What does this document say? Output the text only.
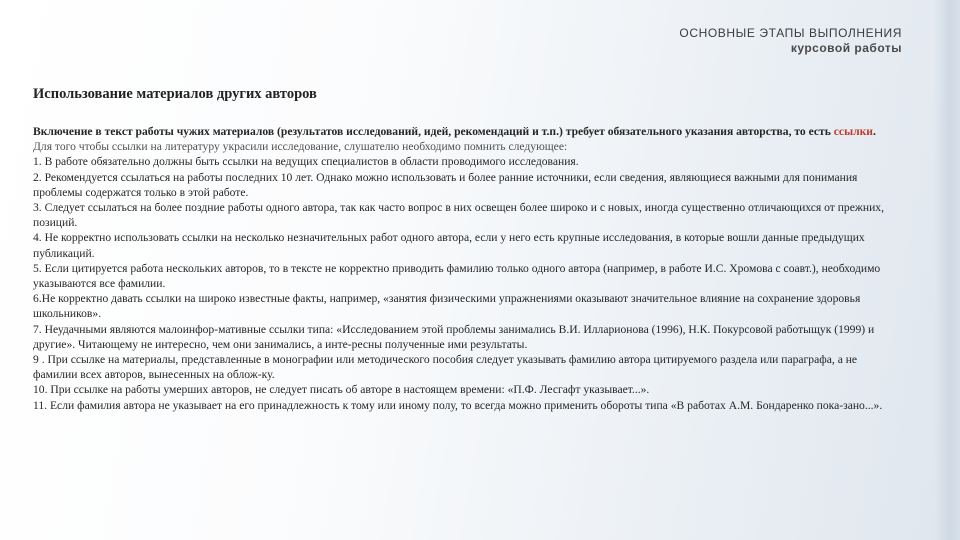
ОСНОВНЫЕ ЭТАПЫ ВЫПОЛНЕНИЯ
курсовой работы
Использование материалов других авторов

Включение в текст работы чужих материалов (результатов исследований, идей, рекомендаций и т.п.) требует обязательного указания авторства, то есть ссылки.

Для того чтобы ссылки на литературу украсили исследование, слушателю необходимо помнить следующее:

1. В работе обязательно должны быть ссылки на ведущих специалистов в области проводимого исследования.

2. Рекомендуется ссылаться на работы последних 10 лет. Однако можно использовать и более ранние источники, если сведения, являющиеся важными для понимания проблемы содержатся только в этой работе.

3. Следует ссылаться на более поздние работы одного автора, так как часто вопрос в них освещен более широко и с новых, иногда существенно отличающихся от прежних, позиций.

4. Не корректно использовать ссылки на несколько незначительных работ одного автора, если у него есть крупные исследования, в которые вошли данные предыдущих публикаций.

5. Если цитируется работа нескольких авторов, то в тексте не корректно приводить фамилию только одного автора (например, в работе И.С. Хромова с соавт.), необходимо указываются все фамилии.

6.Не корректно давать ссылки на широко известные факты, например, «занятия физическими упражнениями оказывают значительное влияние на сохранение здоровья школьников».

7. Неудачными являются малоинфор-мативные ссылки типа: «Исследованием этой проблемы занимались В.И. Илларионова (1996), Н.К. Покурсовой работыщук (1999) и другие». Читающему не интересно, чем они занимались, а инте-ресны полученные ими результаты.

9 . При ссылке на материалы, представленные в монографии или методического пособия следует указывать фамилию автора цитируемого раздела или параграфа, а не фамилии всех авторов, вынесенных на облож-ку.

10. При ссылке на работы умерших авторов, не следует писать об авторе в настоящем времени: «П.Ф. Лесгафт указывает...».

11. Если фамилия автора не указывает на его принадлежность к тому или иному полу, то всегда можно применить обороты типа «В работах А.М. Бондаренко пока-зано...».
